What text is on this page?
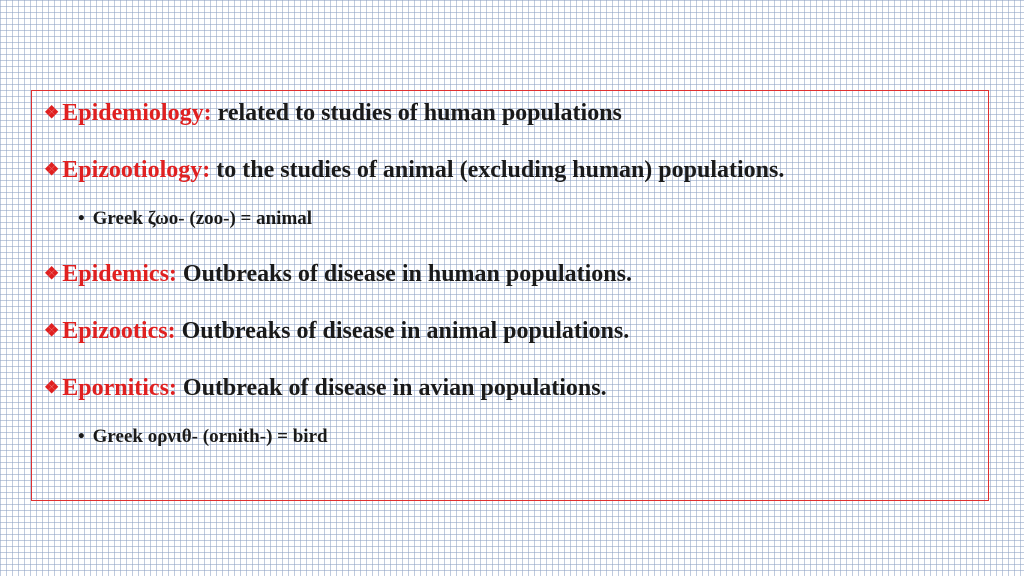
❖ Epidemiology: related to studies of human populations
❖ Epizootiology: to the studies of animal (excluding human) populations.
• Greek ζωο- (zoo-) = animal
❖ Epidemics: Outbreaks of disease in human populations.
❖ Epizootics: Outbreaks of disease in animal populations.
❖ Epornitics: Outbreak of disease in avian populations.
• Greek ορνιθ- (ornith-) = bird
